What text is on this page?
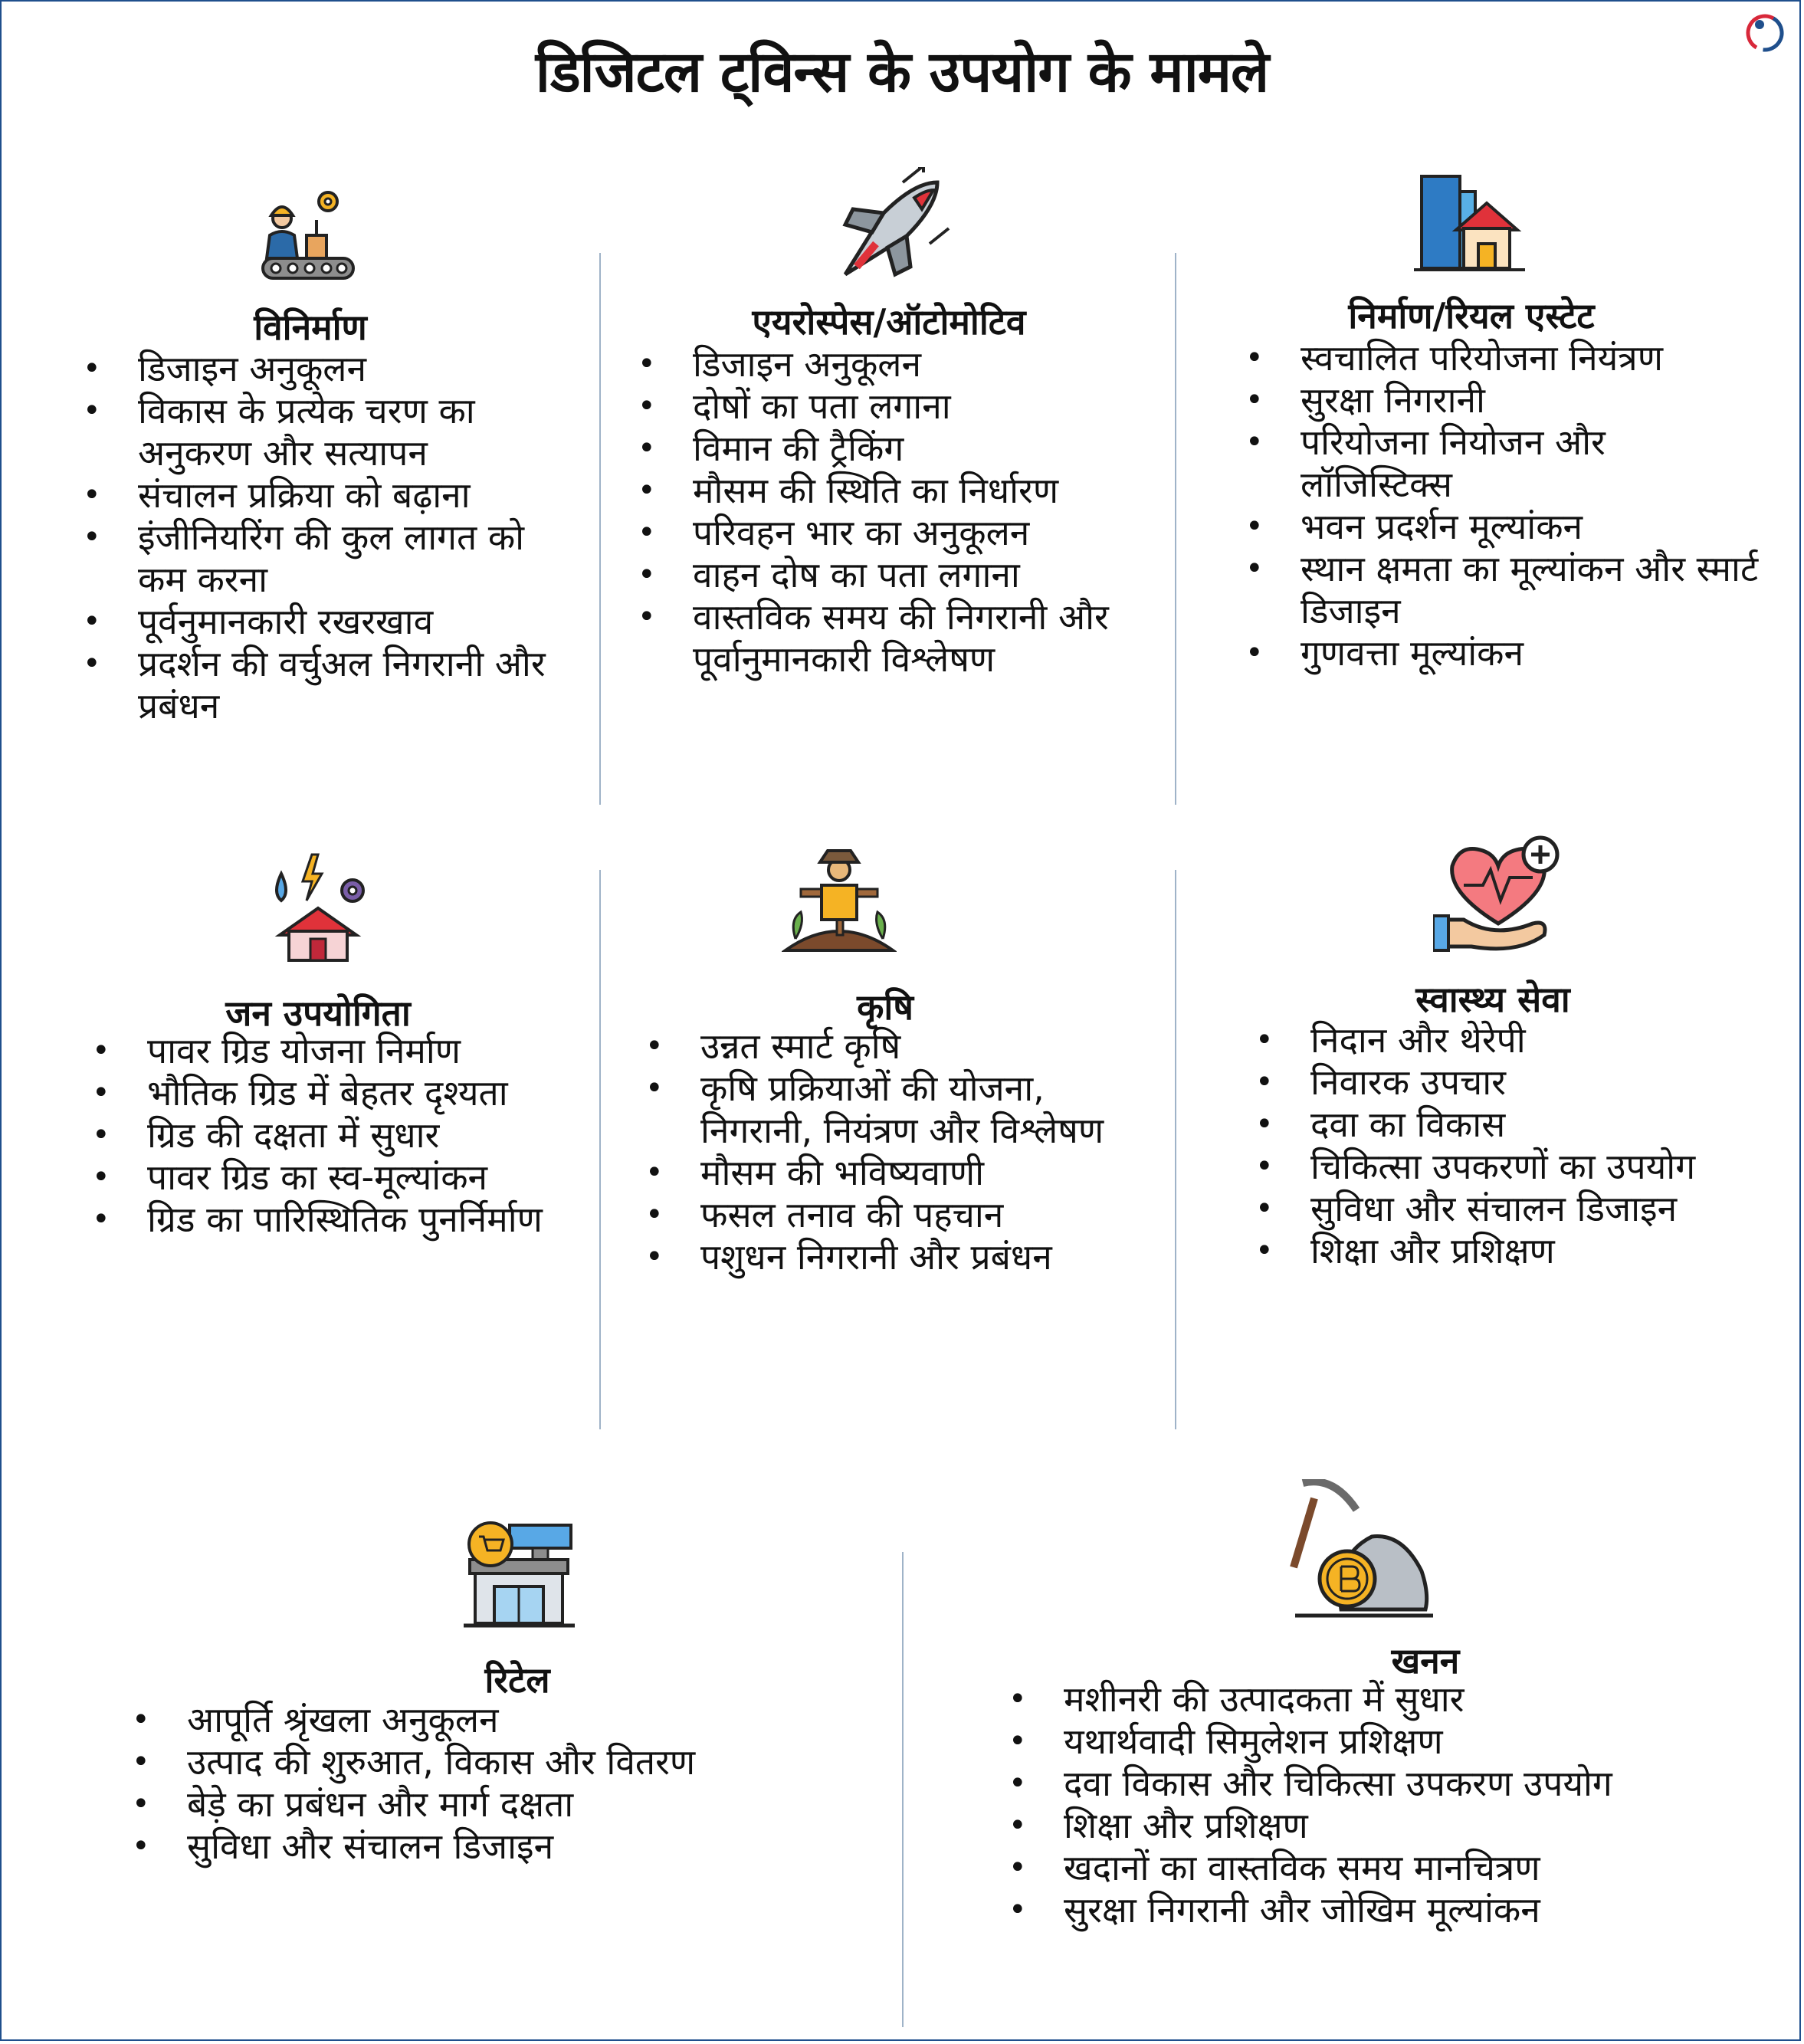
डिजिटल ट्विन्स के उपयोग के मामले
विनिर्माण
• डिजाइन अनुकूलन
• विकास के प्रत्येक चरण का अनुकरण और सत्यापन
• संचालन प्रक्रिया को बढ़ाना
• इंजीनियरिंग की कुल लागत को कम करना
• पूर्वनुमानकारी रखरखाव
• प्रदर्शन की वर्चुअल निगरानी और प्रबंधन
एयरोस्पेस/ऑटोमोटिव
• डिजाइन अनुकूलन
• दोषों का पता लगाना
• विमान की ट्रैकिंग
• मौसम की स्थिति का निर्धारण
• परिवहन भार का अनुकूलन
• वाहन दोष का पता लगाना
• वास्तविक समय की निगरानी और पूर्वानुमानकारी विश्लेषण
निर्माण/रियल एस्टेट
• स्वचालित परियोजना नियंत्रण
• सुरक्षा निगरानी
• परियोजना नियोजन और लॉजिस्टिक्स
• भवन प्रदर्शन मूल्यांकन
• स्थान क्षमता का मूल्यांकन और स्मार्ट डिजाइन
• गुणवत्ता मूल्यांकन
जन उपयोगिता
• पावर ग्रिड योजना निर्माण
• भौतिक ग्रिड में बेहतर दृश्यता
• ग्रिड की दक्षता में सुधार
• पावर ग्रिड का स्व-मूल्यांकन
• ग्रिड का पारिस्थितिक पुनर्निर्माण
कृषि
• उन्नत स्मार्ट कृषि
• कृषि प्रक्रियाओं की योजना, निगरानी, नियंत्रण और विश्लेषण
• मौसम की भविष्यवाणी
• फसल तनाव की पहचान
• पशुधन निगरानी और प्रबंधन
स्वास्थ्य सेवा
• निदान और थेरेपी
• निवारक उपचार
• दवा का विकास
• चिकित्सा उपकरणों का उपयोग
• सुविधा और संचालन डिजाइन
• शिक्षा और प्रशिक्षण
रिटेल
• आपूर्ति श्रृंखला अनुकूलन
• उत्पाद की शुरुआत, विकास और वितरण
• बेड़े का प्रबंधन और मार्ग दक्षता
• सुविधा और संचालन डिजाइन
खनन
• मशीनरी की उत्पादकता में सुधार
• यथार्थवादी सिमुलेशन प्रशिक्षण
• दवा विकास और चिकित्सा उपकरण उपयोग
• शिक्षा और प्रशिक्षण
• खदानों का वास्तविक समय मानचित्रण
• सुरक्षा निगरानी और जोखिम मूल्यांकन
